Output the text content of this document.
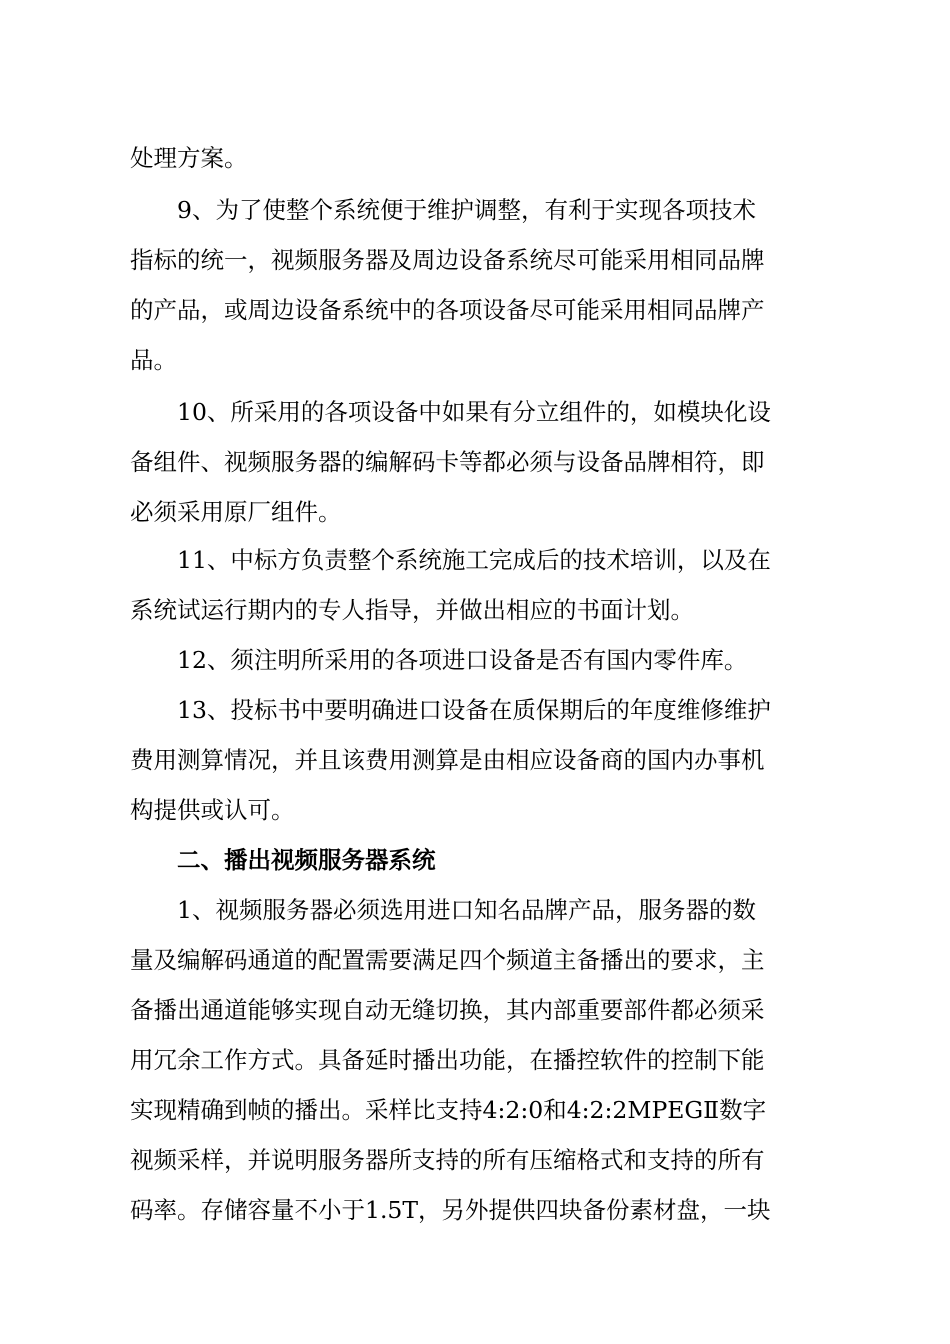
处理方案。
9、为了使整个系统便于维护调整，有利于实现各项技术
指标的统一，视频服务器及周边设备系统尽可能采用相同品牌
的产品，或周边设备系统中的各项设备尽可能采用相同品牌产
品。
10、所采用的各项设备中如果有分立组件的，如模块化设
备组件、视频服务器的编解码卡等都必须与设备品牌相符，即
必须采用原厂组件。
11、中标方负责整个系统施工完成后的技术培训，以及在
系统试运行期内的专人指导，并做出相应的书面计划。
12、须注明所采用的各项进口设备是否有国内零件库。
13、投标书中要明确进口设备在质保期后的年度维修维护
费用测算情况，并且该费用测算是由相应设备商的国内办事机
构提供或认可。
二、播出视频服务器系统
1、视频服务器必须选用进口知名品牌产品，服务器的数
量及编解码通道的配置需要满足四个频道主备播出的要求，主
备播出通道能够实现自动无缝切换，其内部重要部件都必须采
用冗余工作方式。具备延时播出功能，在播控软件的控制下能
实现精确到帧的播出。采样比支持4:2:0和4:2:2MPEGⅡ数字
视频采样，并说明服务器所支持的所有压缩格式和支持的所有
码率。存储容量不小于1.5T，另外提供四块备份素材盘，一块
